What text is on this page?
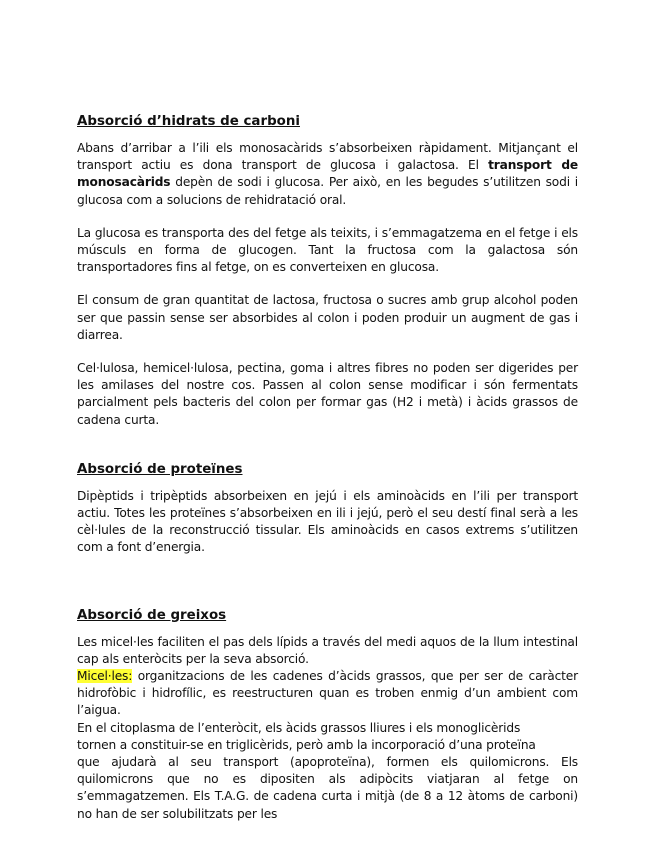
Absorció d’hidrats de carboni

Abans d’arribar a l’ili els monosacàrids s’absorbeixen ràpidament. Mitjançant el transport actiu es dona transport de glucosa i galactosa. El transport de monosacàrids depèn de sodi i glucosa. Per això, en les begudes s’utilitzen sodi i glucosa com a solucions de rehidratació oral.

La glucosa es transporta des del fetge als teixits, i s’emmagatzema en el fetge i els músculs en forma de glucogen. Tant la fructosa com la galactosa són transportadores fins al fetge, on es converteixen en glucosa.

El consum de gran quantitat de lactosa, fructosa o sucres amb grup alcohol poden ser que passin sense ser absorbides al colon i poden produir un augment de gas i diarrea.

Cel·lulosa, hemicel·lulosa, pectina, goma i altres fibres no poden ser digerides per les amilases del nostre cos. Passen al colon sense modificar i són fermentats parcialment pels bacteris del colon per formar gas (H2 i metà) i àcids grassos de cadena curta.

Absorció de proteïnes

Dipèptids i tripèptids absorbeixen en jejú i els aminoàcids en l’ili per transport actiu. Totes les proteïnes s’absorbeixen en ili i jejú, però el seu destí final serà a les cèl·lules de la reconstrucció tissular. Els aminoàcids en casos extrems s’utilitzen com a font d’energia.

Absorció de greixos

Les micel·les faciliten el pas dels lípids a través del medi aquos de la llum intestinal cap als enteròcits per la seva absorció.

Micel·les: organitzacions de les cadenes d’àcids grassos, que per ser de caràcter hidrofòbic i hidrofílic, es reestructuren quan es troben enmig d’un ambient com l’aigua.

En el citoplasma de l’enteròcit, els àcids grassos lliures i els monoglicèrids
tornen a constituir-se en triglicèrids, però amb la incorporació d’una proteïna

que ajudarà al seu transport (apoproteïna), formen els quilomicrons. Els quilomicrons que no es dipositen als adipòcits viatjaran al fetge on s’emmagatzemen. Els T.A.G. de cadena curta i mitjà (de 8 a 12 àtoms de carboni) no han de ser solubilitzats per les
